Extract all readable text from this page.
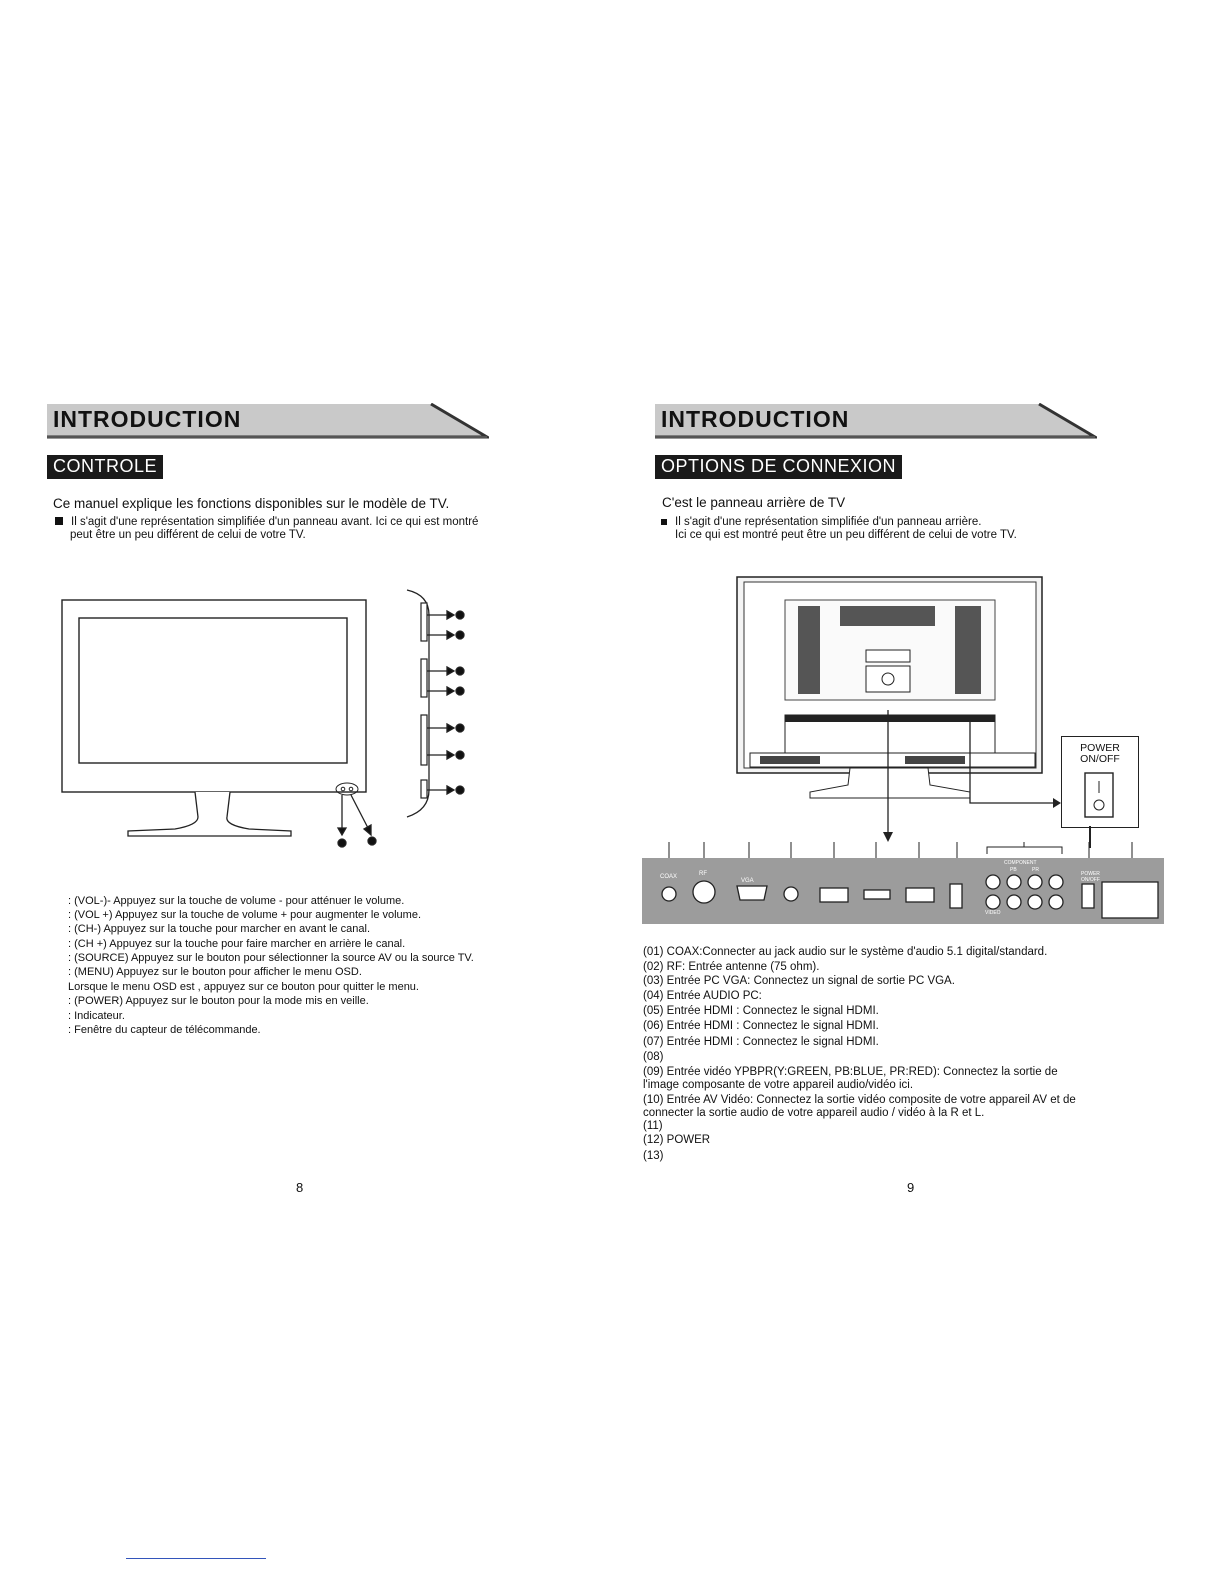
INTRODUCTION
CONTROLE
Ce manuel explique les fonctions disponibles sur le modèle de TV.
Il s'agit d'une représentation simplifiée d'un panneau avant. Ici ce qui est montré
peut être un peu différent de celui de votre TV.
: (VOL-)- Appuyez sur la touche de volume - pour atténuer le volume.
: (VOL +) Appuyez sur la touche de volume + pour augmenter le volume.
: (CH-) Appuyez sur la touche pour marcher en avant le canal.
: (CH +) Appuyez sur la touche pour faire marcher en arrière le canal.
: (SOURCE) Appuyez sur le bouton pour sélectionner la source AV ou la source TV.
: (MENU) Appuyez sur le bouton pour afficher le menu OSD.
Lorsque le menu OSD est , appuyez sur ce bouton pour quitter le menu.
: (POWER) Appuyez sur le bouton pour la mode mis en veille.
: Indicateur.
: Fenêtre du capteur de télécommande.
8
INTRODUCTION
OPTIONS DE CONNEXION
C'est le panneau arrière de TV
Il s'agit d'une représentation simplifiée d'un panneau arrière.
Ici ce qui est montré peut être un peu différent de celui de votre TV.
POWER
ON/OFF
COAX	RF
VGA
COMPONENT
PB	PR
VIDEO
POWER
ON/OFF
(01) COAX:Connecter au jack audio sur le système d'audio 5.1 digital/standard.
(02) RF: Entrée antenne (75 ohm).
(03) Entrée PC VGA: Connectez un signal de sortie PC VGA.
(04) Entrée AUDIO PC:
(05) Entrée HDMI : Connectez le signal HDMI.
(06) Entrée HDMI : Connectez le signal HDMI.
(07) Entrée HDMI : Connectez le signal HDMI.
(08)
(09) Entrée vidéo YPBPR(Y:GREEN, PB:BLUE, PR:RED): Connectez la sortie de
l'image composante de votre appareil audio/vidéo ici.
(10) Entrée AV Vidéo: Connectez la sortie vidéo composite de votre appareil AV et de
connecter la sortie audio de votre appareil audio / vidéo à la R et L.
(11)
(12) POWER
(13)
9
